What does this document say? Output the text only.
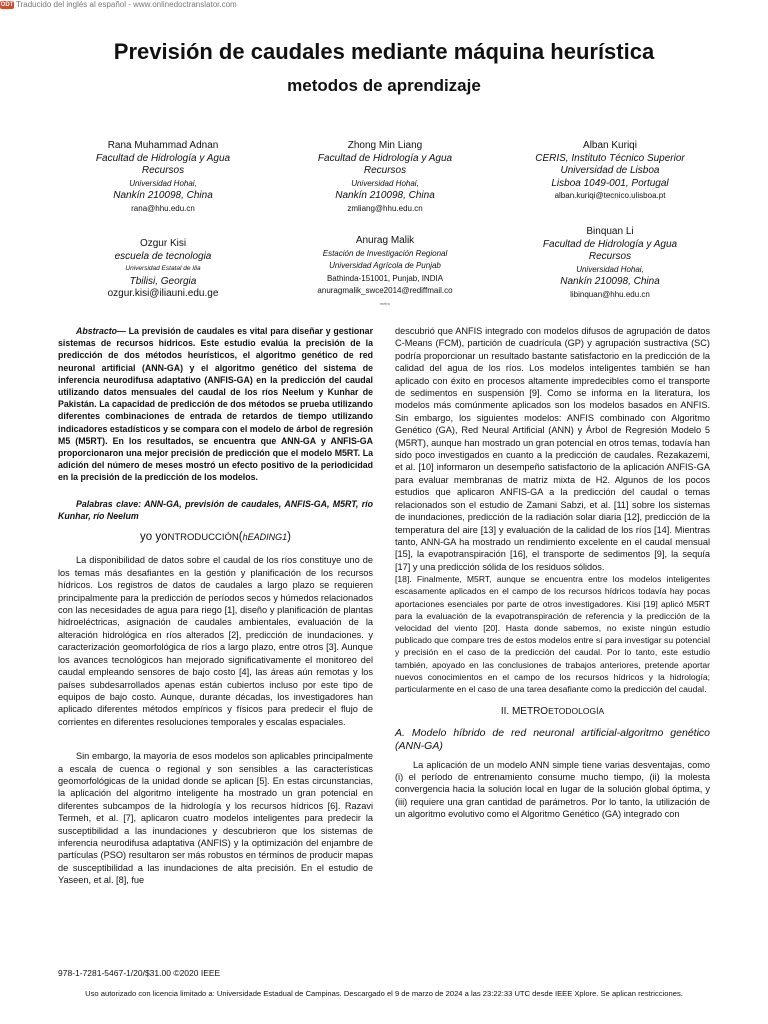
ODT Traducido del inglés al español - www.onlinedoctranslator.com
Previsión de caudales mediante máquina heurística
metodos de aprendizaje
Rana Muhammad Adnan
Facultad de Hidrología y Agua
Recursos
Universidad Hohai,
Nankín 210098, China
rana@hhu.edu.cn
Zhong Min Liang
Facultad de Hidrología y Agua
Recursos
Universidad Hohai,
Nankín 210098, China
zmliang@hhu.edu.cn
Alban Kuriqi
CERIS, Instituto Técnico Superior
Universidad de Lisboa
Lisboa 1049-001, Portugal
alban.kuriqi@tecnico.ulisboa.pt
Ozgur Kisi
escuela de tecnologia
Universidad Estatal de Ilia
Tbilisi, Georgia
ozgur.kisi@iliauni.edu.ge
Anurag Malik
Estación de Investigación Regional
Universidad Agrícola de Punjab
Bathinda-151001, Punjab, INDIA
anuragmalik_swce2014@rediffmail.co
metro
Binquan Li
Facultad de Hidrología y Agua
Recursos
Universidad Hohai,
Nankín 210098, China
libinquan@hhu.edu.cn

Abstracto— La previsión de caudales es vital para diseñar y gestionar sistemas de recursos hídricos. Este estudio evalúa la precisión de la predicción de dos métodos heurísticos, el algoritmo genético de red neuronal artificial (ANN-GA) y el algoritmo genético del sistema de inferencia neurodifusa adaptativo (ANFIS-GA) en la predicción del caudal utilizando datos mensuales del caudal de los ríos Neelum y Kunhar de Pakistán. La capacidad de predicción de dos métodos se prueba utilizando diferentes combinaciones de entrada de retardos de tiempo utilizando indicadores estadísticos y se compara con el modelo de árbol de regresión M5 (M5RT). En los resultados, se encuentra que ANN-GA y ANFIS-GA proporcionaron una mejor precisión de predicción que el modelo M5RT. La adición del número de meses mostró un efecto positivo de la periodicidad en la precisión de la predicción de los modelos.

Palabras clave: ANN-GA, previsión de caudales, ANFIS-GA, M5RT, río Kunhar, río Neelum

yo yoNTRODUCCIÓN(hEADING1)

La disponibilidad de datos sobre el caudal de los ríos constituye uno de los temas más desafiantes en la gestión y planificación de los recursos hídricos. Los registros de datos de caudales a largo plazo se requieren principalmente para la predicción de períodos secos y húmedos relacionados con las necesidades de agua para riego [1], diseño y planificación de plantas hidroeléctricas, asignación de caudales ambientales, evaluación de la alteración hidrológica en ríos alterados [2], predicción de inundaciones. y caracterización geomorfológica de ríos a largo plazo, entre otros [3]. Aunque los avances tecnológicos han mejorado significativamente el monitoreo del caudal empleando sensores de bajo costo [4], las áreas aún remotas y los países subdesarrollados apenas están cubiertos incluso por este tipo de equipos de bajo costo. Aunque, durante décadas, los investigadores han aplicado diferentes métodos empíricos y físicos para predecir el flujo de corrientes en diferentes resoluciones temporales y escalas espaciales.

Sin embargo, la mayoría de esos modelos son aplicables principalmente a escala de cuenca o regional y son sensibles a las características geomorfológicas de la unidad donde se aplican [5]. En estas circunstancias, la aplicación del algoritmo inteligente ha mostrado un gran potencial en diferentes subcampos de la hidrología y los recursos hídricos [6]. Razavi Termeh, et al. [7], aplicaron cuatro modelos inteligentes para predecir la susceptibilidad a las inundaciones y descubrieron que los sistemas de inferencia neurodifusa adaptativa (ANFIS) y la optimización del enjambre de partículas (PSO) resultaron ser más robustos en términos de producir mapas de susceptibilidad a las inundaciones de alta precisión. En el estudio de Yaseen, et al. [8], fue

descubrió que ANFIS integrado con modelos difusos de agrupación de datos C-Means (FCM), partición de cuadrícula (GP) y agrupación sustractiva (SC) podría proporcionar un resultado bastante satisfactorio en la predicción de la calidad del agua de los ríos. Los modelos inteligentes también se han aplicado con éxito en procesos altamente impredecibles como el transporte de sedimentos en suspensión [9]. Como se informa en la literatura, los modelos más comúnmente aplicados son los modelos basados en ANFIS. Sin embargo, los siguientes modelos: ANFIS combinado con Algoritmo Genético (GA), Red Neural Artificial (ANN) y Árbol de Regresión Modelo 5 (M5RT), aunque han mostrado un gran potencial en otros temas, todavía han sido poco investigados en cuanto a la predicción de caudales. Rezakazemi, et al. [10] informaron un desempeño satisfactorio de la aplicación ANFIS-GA para evaluar membranas de matriz mixta de H2. Algunos de los pocos estudios que aplicaron ANFIS-GA a la predicción del caudal o temas relacionados son el estudio de Zamani Sabzi, et al. [11] sobre los sistemas de inundaciones, predicción de la radiación solar diaria [12], predicción de la temperatura del aire [13] y evaluación de la calidad de los ríos [14]. Mientras tanto, ANN-GA ha mostrado un rendimiento excelente en el caudal mensual [15], la evapotranspiración [16], el transporte de sedimentos [9], la sequía [17] y una predicción sólida de los residuos sólidos.

[18]. Finalmente, M5RT, aunque se encuentra entre los modelos inteligentes escasamente aplicados en el campo de los recursos hídricos todavía hay pocas aportaciones esenciales por parte de otros investigadores. Kisi [19] aplicó M5RT para la evaluación de la evapotranspiración de referencia y la predicción de la velocidad del viento [20]. Hasta donde sabemos, no existe ningún estudio publicado que compare tres de estos modelos entre sí para investigar su potencial y precisión en el caso de la predicción del caudal. Por lo tanto, este estudio también, apoyado en las conclusiones de trabajos anteriores, pretende aportar nuevos conocimientos en el campo de los recursos hídricos y la hidrología; particularmente en el caso de una tarea desafiante como la predicción del caudal.

II. METROETODOLOGÍA

A. Modelo híbrido de red neuronal artificial-algoritmo genético (ANN-GA)

La aplicación de un modelo ANN simple tiene varias desventajas, como (i) el período de entrenamiento consume mucho tiempo, (ii) la molesta convergencia hacia la solución local en lugar de la solución global óptima, y (iii) requiere una gran cantidad de parámetros. Por lo tanto, la utilización de un algoritmo evolutivo como el Algoritmo Genético (GA) integrado con

978-1-7281-5467-1/20/$31.00 ©2020 IEEE
Uso autorizado con licencia limitado a: Universidade Estadual de Campinas. Descargado el 9 de marzo de 2024 a las 23:22:33 UTC desde IEEE Xplore. Se aplican restricciones.
